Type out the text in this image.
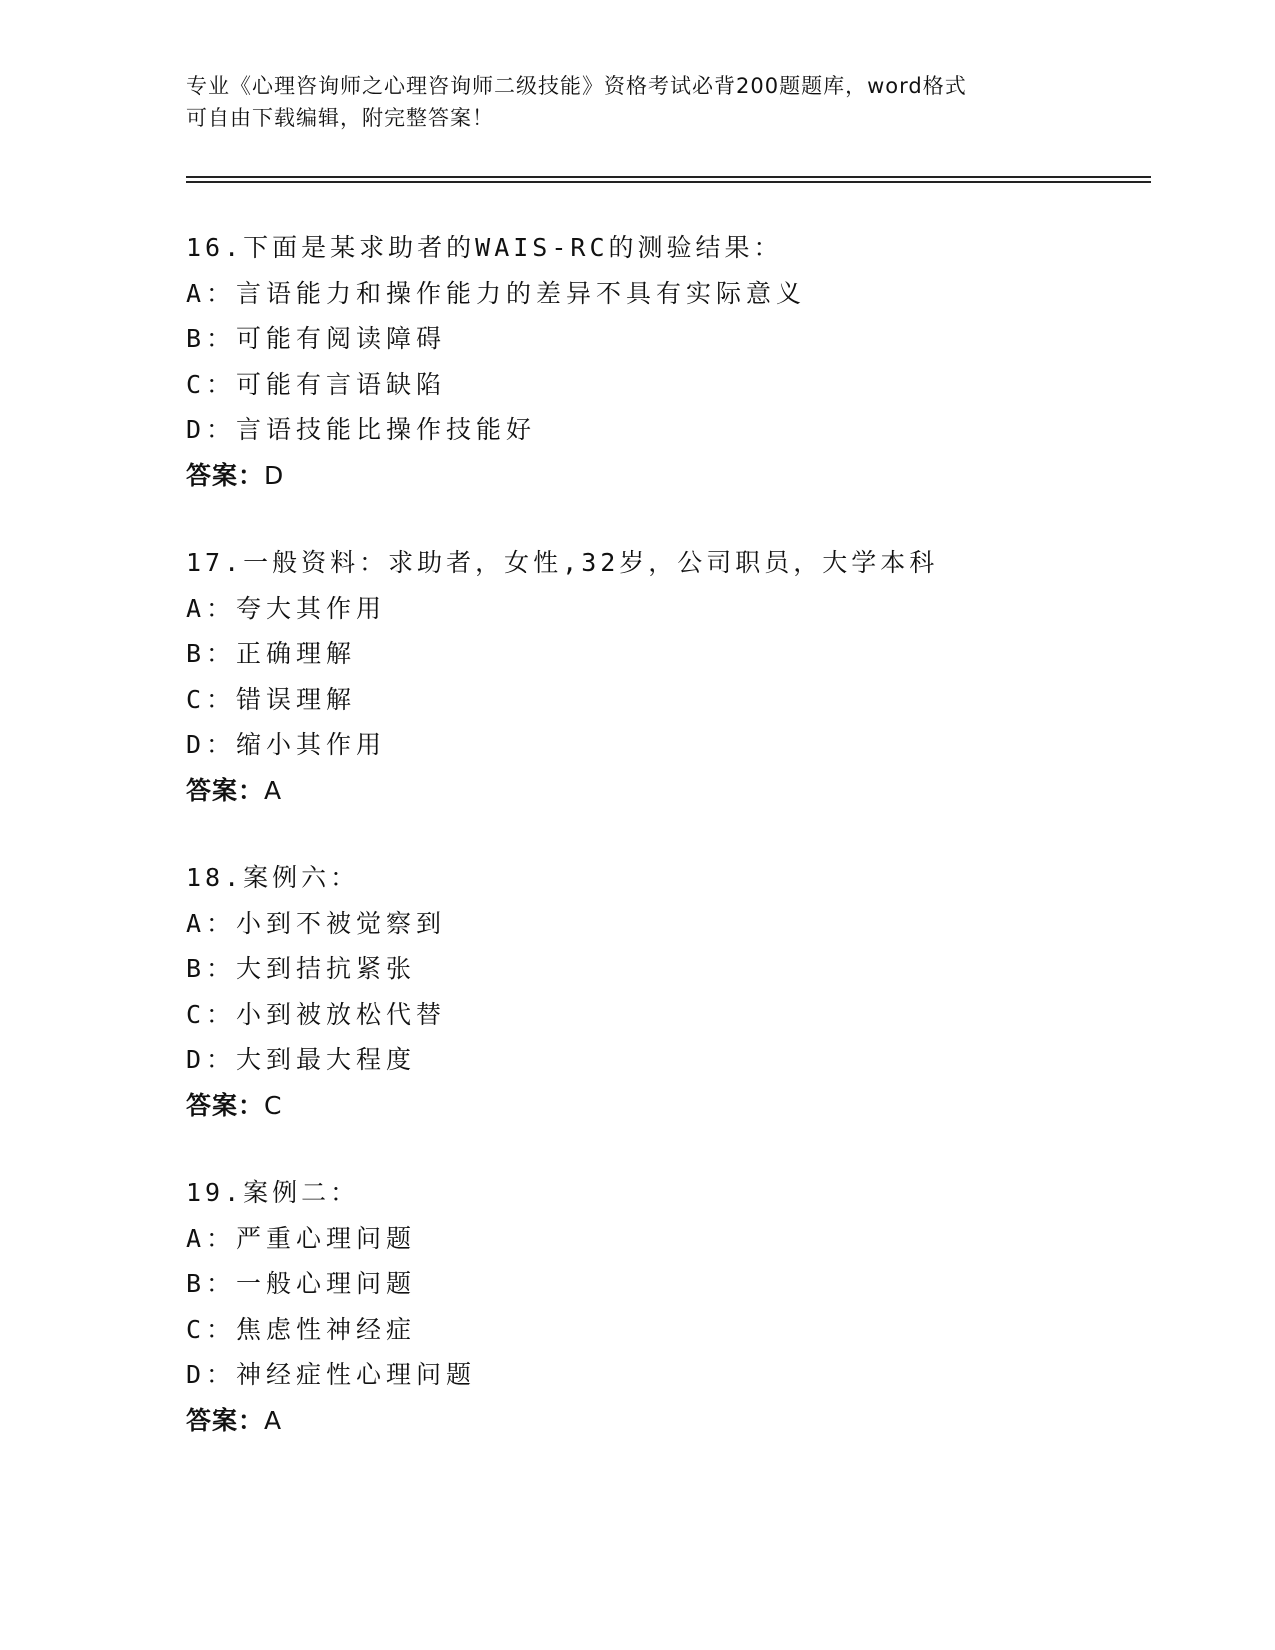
专业《心理咨询师之心理咨询师二级技能》资格考试必背200题题库，word格式
可自由下载编辑，附完整答案！
16.下面是某求助者的WAIS-RC的测验结果：
A：言语能力和操作能力的差异不具有实际意义
B：可能有阅读障碍
C：可能有言语缺陷
D：言语技能比操作技能好
答案：D
17.一般资料：求助者，女性,32岁，公司职员，大学本科
A：夸大其作用
B：正确理解
C：错误理解
D：缩小其作用
答案：A
18.案例六：
A：小到不被觉察到
B：大到拮抗紧张
C：小到被放松代替
D：大到最大程度
答案：C
19.案例二：
A：严重心理问题
B：一般心理问题
C：焦虑性神经症
D：神经症性心理问题
答案：A
